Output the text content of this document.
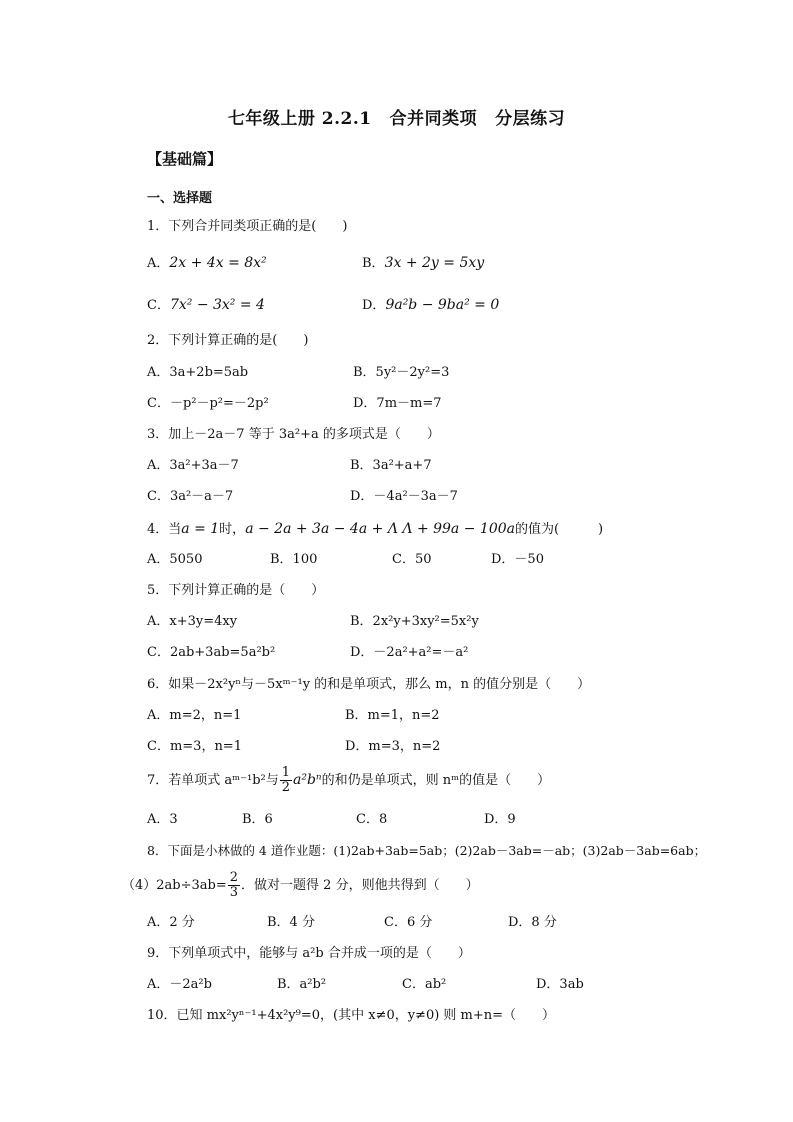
七年级上册 2.2.1 合并同类项 分层练习
【基础篇】
一、选择题
1．下列合并同类项正确的是(　　)
A．2x + 4x = 8x²	B．3x + 2y = 5xy
C．7x² − 3x² = 4	D．9a²b − 9ba² = 0
2．下列计算正确的是(　　)
A．3a+2b=5ab	B．5y²－2y²=3
C．－p²－p²=－2p²	D．7m－m=7
3．加上－2a－7 等于 3a²+a 的多项式是（　　）
A．3a²+3a－7	B．3a²+a+7
C．3a²－a－7	D．－4a²－3a－7
4．当a = 1时，a − 2a + 3a − 4a + Λ Λ + 99a − 100a的值为(　　　)
A．5050	B．100	C．50	D．－50
5．下列计算正确的是（　　）
A．x+3y=4xy	B．2x²y+3xy²=5x²y
C．2ab+3ab=5a²b²	D．－2a²+a²=－a²
6．如果－2x²yⁿ与－5xᵐ⁻¹y 的和是单项式，那么 m，n 的值分别是（　　）
A．m=2，n=1	B．m=1，n=2
C．m=3，n=1	D．m=3，n=2
7．若单项式 aᵐ⁻¹b²与 $\frac{1}{2} a^2b^n$的和仍是单项式，则 nᵐ的值是（　　）
A．3	B．6	C．8	D．9
8．下面是小林做的 4 道作业题：(1)2ab+3ab=5ab；(2)2ab－3ab=－ab；(3)2ab－3ab=6ab；
$(4)2ab\div 3ab= \frac{2}{3}$ ．做对一题得 2 分，则他共得到（　　）
A．2 分	B．4 分	C．6 分	D．8 分
9．下列单项式中，能够与 a²b 合并成一项的是（　　）
A．－2a²b	B．a²b²	C．ab²	D．3ab
10．已知 mx²yⁿ⁻¹+4x²y⁹=0，(其中 x≠0，y≠0) 则 m+n=（　　）
